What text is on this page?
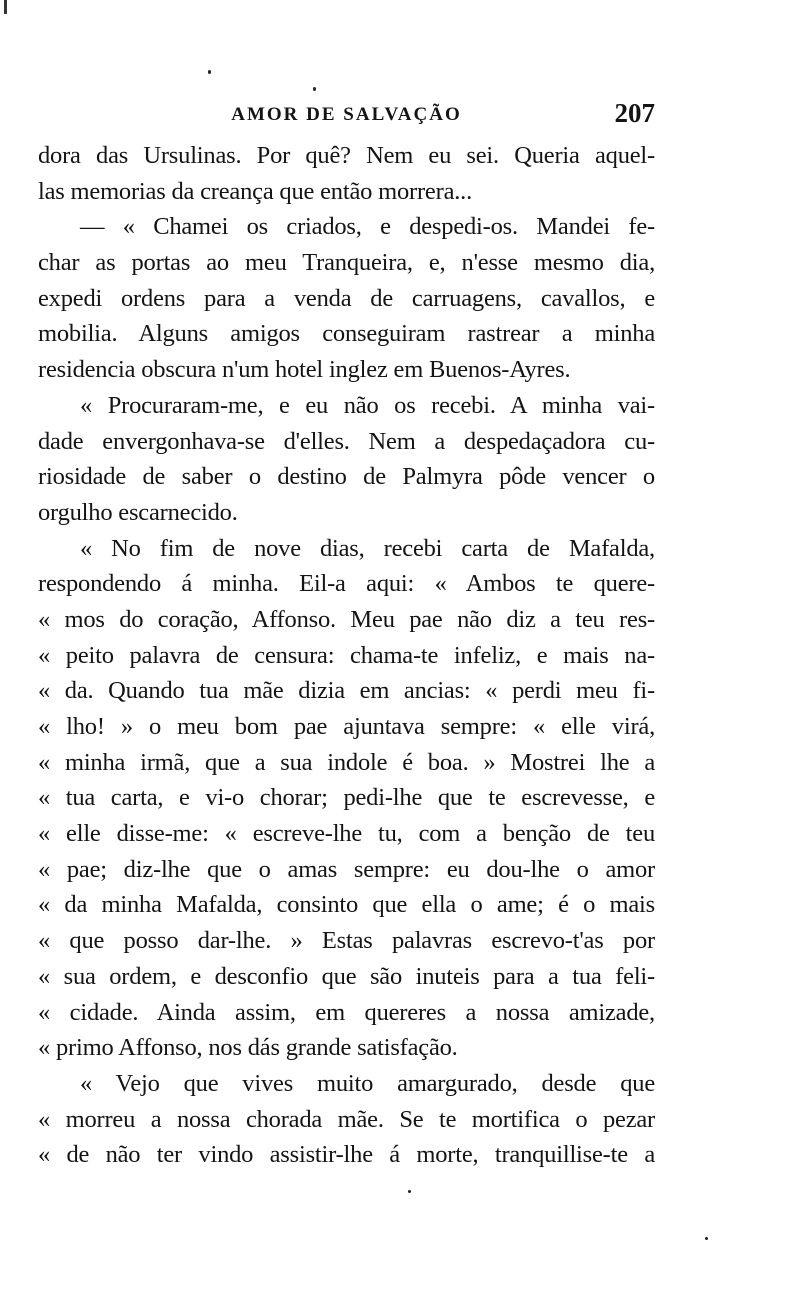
AMOR DE SALVAÇÃO	207
dora das Ursulinas. Por quê? Nem eu sei. Queria aquel-
las memorias da creança que então morrera...
— « Chamei os criados, e despedi-os. Mandei fe-
char as portas ao meu Tranqueira, e, n'esse mesmo dia,
expedi ordens para a venda de carruagens, cavallos, e
mobilia. Alguns amigos conseguiram rastrear a minha
residencia obscura n'um hotel inglez em Buenos-Ayres.
« Procuraram-me, e eu não os recebi. A minha vai-
dade envergonhava-se d'elles. Nem a despedaçadora cu-
riosidade de saber o destino de Palmyra pôde vencer o
orgulho escarnecido.
« No fim de nove dias, recebi carta de Mafalda,
respondendo á minha. Eil-a aqui: « Ambos te quere-
« mos do coração, Affonso. Meu pae não diz a teu res-
« peito palavra de censura: chama-te infeliz, e mais na-
« da. Quando tua mãe dizia em ancias: « perdi meu fi-
« lho! » o meu bom pae ajuntava sempre: « elle virá,
« minha irmã, que a sua indole é boa. » Mostrei lhe a
« tua carta, e vi-o chorar; pedi-lhe que te escrevesse, e
« elle disse-me: « escreve-lhe tu, com a benção de teu
« pae; diz-lhe que o amas sempre: eu dou-lhe o amor
« da minha Mafalda, consinto que ella o ame; é o mais
« que posso dar-lhe. » Estas palavras escrevo-t'as por
« sua ordem, e desconfio que são inuteis para a tua feli-
« cidade. Ainda assim, em quereres a nossa amizade,
« primo Affonso, nos dás grande satisfação.
« Vejo que vives muito amargurado, desde que
« morreu a nossa chorada mãe. Se te mortifica o pezar
« de não ter vindo assistir-lhe á morte, tranquillise-te a
